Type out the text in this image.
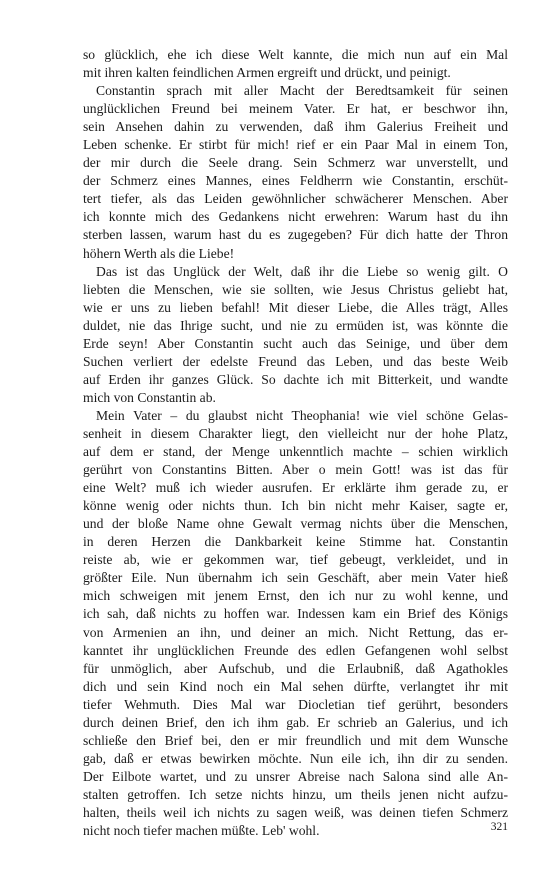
so glücklich, ehe ich diese Welt kannte, die mich nun auf ein Mal
mit ihren kalten feindlichen Armen ergreift und drückt, und peinigt.
Constantin sprach mit aller Macht der Beredtsamkeit für seinen
unglücklichen Freund bei meinem Vater. Er hat, er beschwor ihn,
sein Ansehen dahin zu verwenden, daß ihm Galerius Freiheit und
Leben schenke. Er stirbt für mich! rief er ein Paar Mal in einem Ton,
der mir durch die Seele drang. Sein Schmerz war unverstellt, und
der Schmerz eines Mannes, eines Feldherrn wie Constantin, erschüt-
tert tiefer, als das Leiden gewöhnlicher schwächerer Menschen. Aber
ich konnte mich des Gedankens nicht erwehren: Warum hast du ihn
sterben lassen, warum hast du es zugegeben? Für dich hatte der Thron
höhern Werth als die Liebe!
Das ist das Unglück der Welt, daß ihr die Liebe so wenig gilt. O
liebten die Menschen, wie sie sollten, wie Jesus Christus geliebt hat,
wie er uns zu lieben befahl! Mit dieser Liebe, die Alles trägt, Alles
duldet, nie das Ihrige sucht, und nie zu ermüden ist, was könnte die
Erde seyn! Aber Constantin sucht auch das Seinige, und über dem
Suchen verliert der edelste Freund das Leben, und das beste Weib
auf Erden ihr ganzes Glück. So dachte ich mit Bitterkeit, und wandte
mich von Constantin ab.
Mein Vater – du glaubst nicht Theophania! wie viel schöne Gelas-
senheit in diesem Charakter liegt, den vielleicht nur der hohe Platz,
auf dem er stand, der Menge unkenntlich machte – schien wirklich
gerührt von Constantins Bitten. Aber o mein Gott! was ist das für
eine Welt? muß ich wieder ausrufen. Er erklärte ihm gerade zu, er
könne wenig oder nichts thun. Ich bin nicht mehr Kaiser, sagte er,
und der bloße Name ohne Gewalt vermag nichts über die Menschen,
in deren Herzen die Dankbarkeit keine Stimme hat. Constantin
reiste ab, wie er gekommen war, tief gebeugt, verkleidet, und in
größter Eile. Nun übernahm ich sein Geschäft, aber mein Vater hieß
mich schweigen mit jenem Ernst, den ich nur zu wohl kenne, und
ich sah, daß nichts zu hoffen war. Indessen kam ein Brief des Königs
von Armenien an ihn, und deiner an mich. Nicht Rettung, das er-
kanntet ihr unglücklichen Freunde des edlen Gefangenen wohl selbst
für unmöglich, aber Aufschub, und die Erlaubniß, daß Agathokles
dich und sein Kind noch ein Mal sehen dürfte, verlangtet ihr mit
tiefer Wehmuth. Dies Mal war Diocletian tief gerührt, besonders
durch deinen Brief, den ich ihm gab. Er schrieb an Galerius, und ich
schließe den Brief bei, den er mir freundlich und mit dem Wunsche
gab, daß er etwas bewirken möchte. Nun eile ich, ihn dir zu senden.
Der Eilbote wartet, und zu unsrer Abreise nach Salona sind alle An-
stalten getroffen. Ich setze nichts hinzu, um theils jenen nicht aufzu-
halten, theils weil ich nichts zu sagen weiß, was deinen tiefen Schmerz
nicht noch tiefer machen müßte. Leb' wohl.	321
